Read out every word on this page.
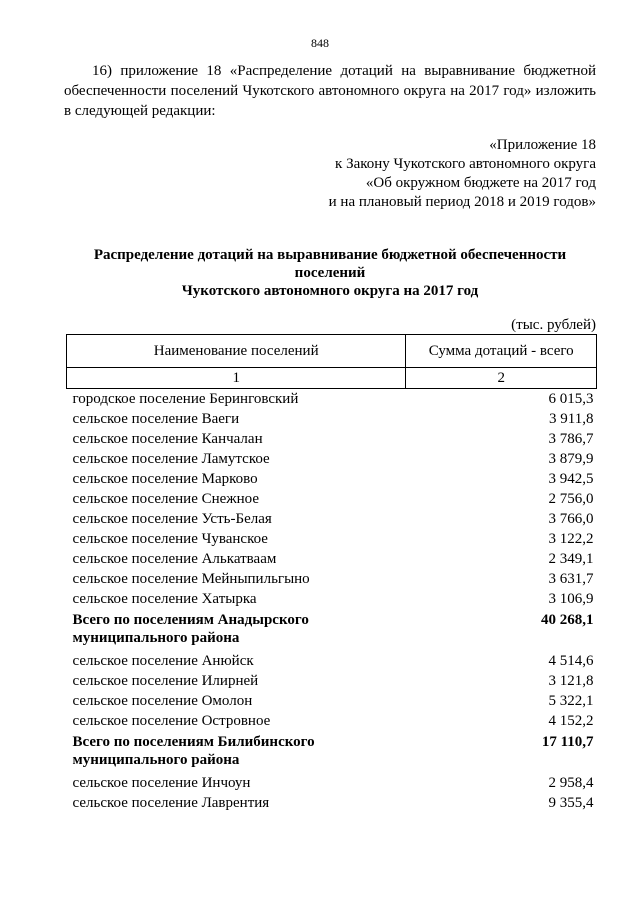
848
16) приложение 18 «Распределение дотаций на выравнивание бюджетной
обеспеченности поселений Чукотского автономного округа на 2017 год» изложить
в следующей редакции:
«Приложение 18
к Закону Чукотского автономного округа
«Об окружном бюджете на 2017 год
и на плановый период 2018 и 2019 годов»
Распределение дотаций на выравнивание бюджетной обеспеченности
поселений
Чукотского автономного округа на 2017 год
(тыс. рублей)
Наименование поселений	Сумма дотаций - всего
1	2
городское поселение Беринговский	6 015,3
сельское поселение Ваеги	3 911,8
сельское поселение Канчалан	3 786,7
сельское поселение Ламутское	3 879,9
сельское поселение Марково	3 942,5
сельское поселение Снежное	2 756,0
сельское поселение Усть-Белая	3 766,0
сельское поселение Чуванское	3 122,2
сельское поселение Алькатваам	2 349,1
сельское поселение Мейныпильгыно	3 631,7
сельское поселение Хатырка	3 106,9
Всего по поселениям Анадырского муниципального района	40 268,1
сельское поселение Анюйск	4 514,6
сельское поселение Илирней	3 121,8
сельское поселение Омолон	5 322,1
сельское поселение Островное	4 152,2
Всего по поселениям Билибинского муниципального района	17 110,7
сельское поселение Инчоун	2 958,4
сельское поселение Лаврентия	9 355,4
